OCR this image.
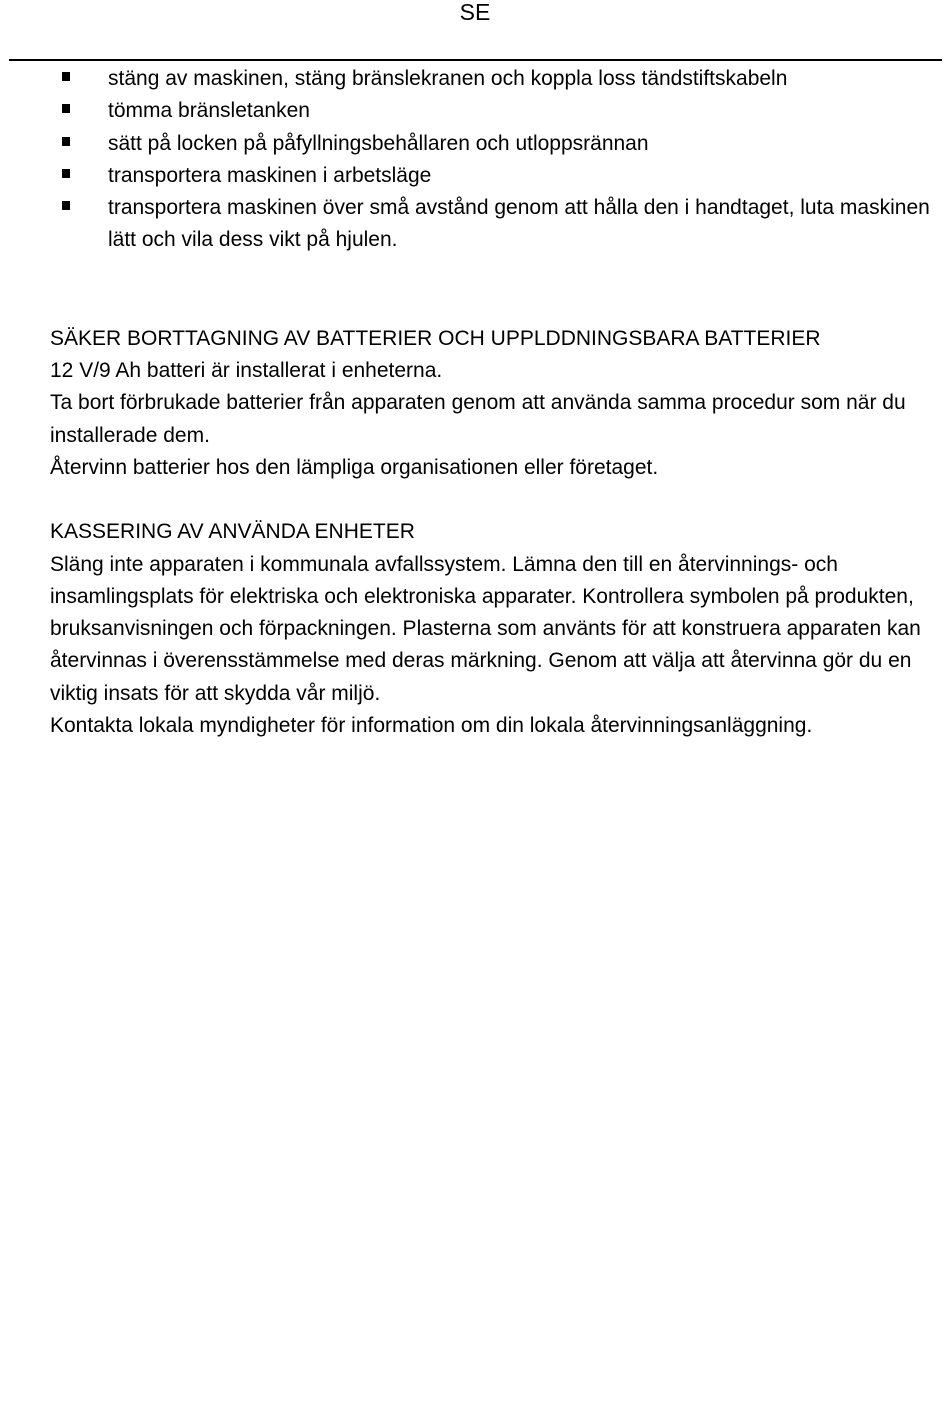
SE
stäng av maskinen, stäng bränslekranen och koppla loss tändstiftskabeln
tömma bränsletanken
sätt på locken på påfyllningsbehållaren och utloppsrännan
transportera maskinen i arbetsläge
transportera maskinen över små avstånd genom att hålla den i handtaget, luta maskinen lätt och vila dess vikt på hjulen.

SÄKER BORTTAGNING AV BATTERIER OCH UPPLDDNINGSBARA BATTERIER

12 V/9 Ah batteri är installerat i enheterna.

Ta bort förbrukade batterier från apparaten genom att använda samma procedur som när du installerade dem.

Återvinn batterier hos den lämpliga organisationen eller företaget.

KASSERING AV ANVÄNDA ENHETER

Släng inte apparaten i kommunala avfallssystem. Lämna den till en återvinnings- och insamlingsplats för elektriska och elektroniska apparater. Kontrollera symbolen på produkten, bruksanvisningen och förpackningen. Plasterna som använts för att konstruera apparaten kan återvinnas i överensstämmelse med deras märkning. Genom att välja att återvinna gör du en viktig insats för att skydda vår miljö.

Kontakta lokala myndigheter för information om din lokala återvinningsanläggning.
